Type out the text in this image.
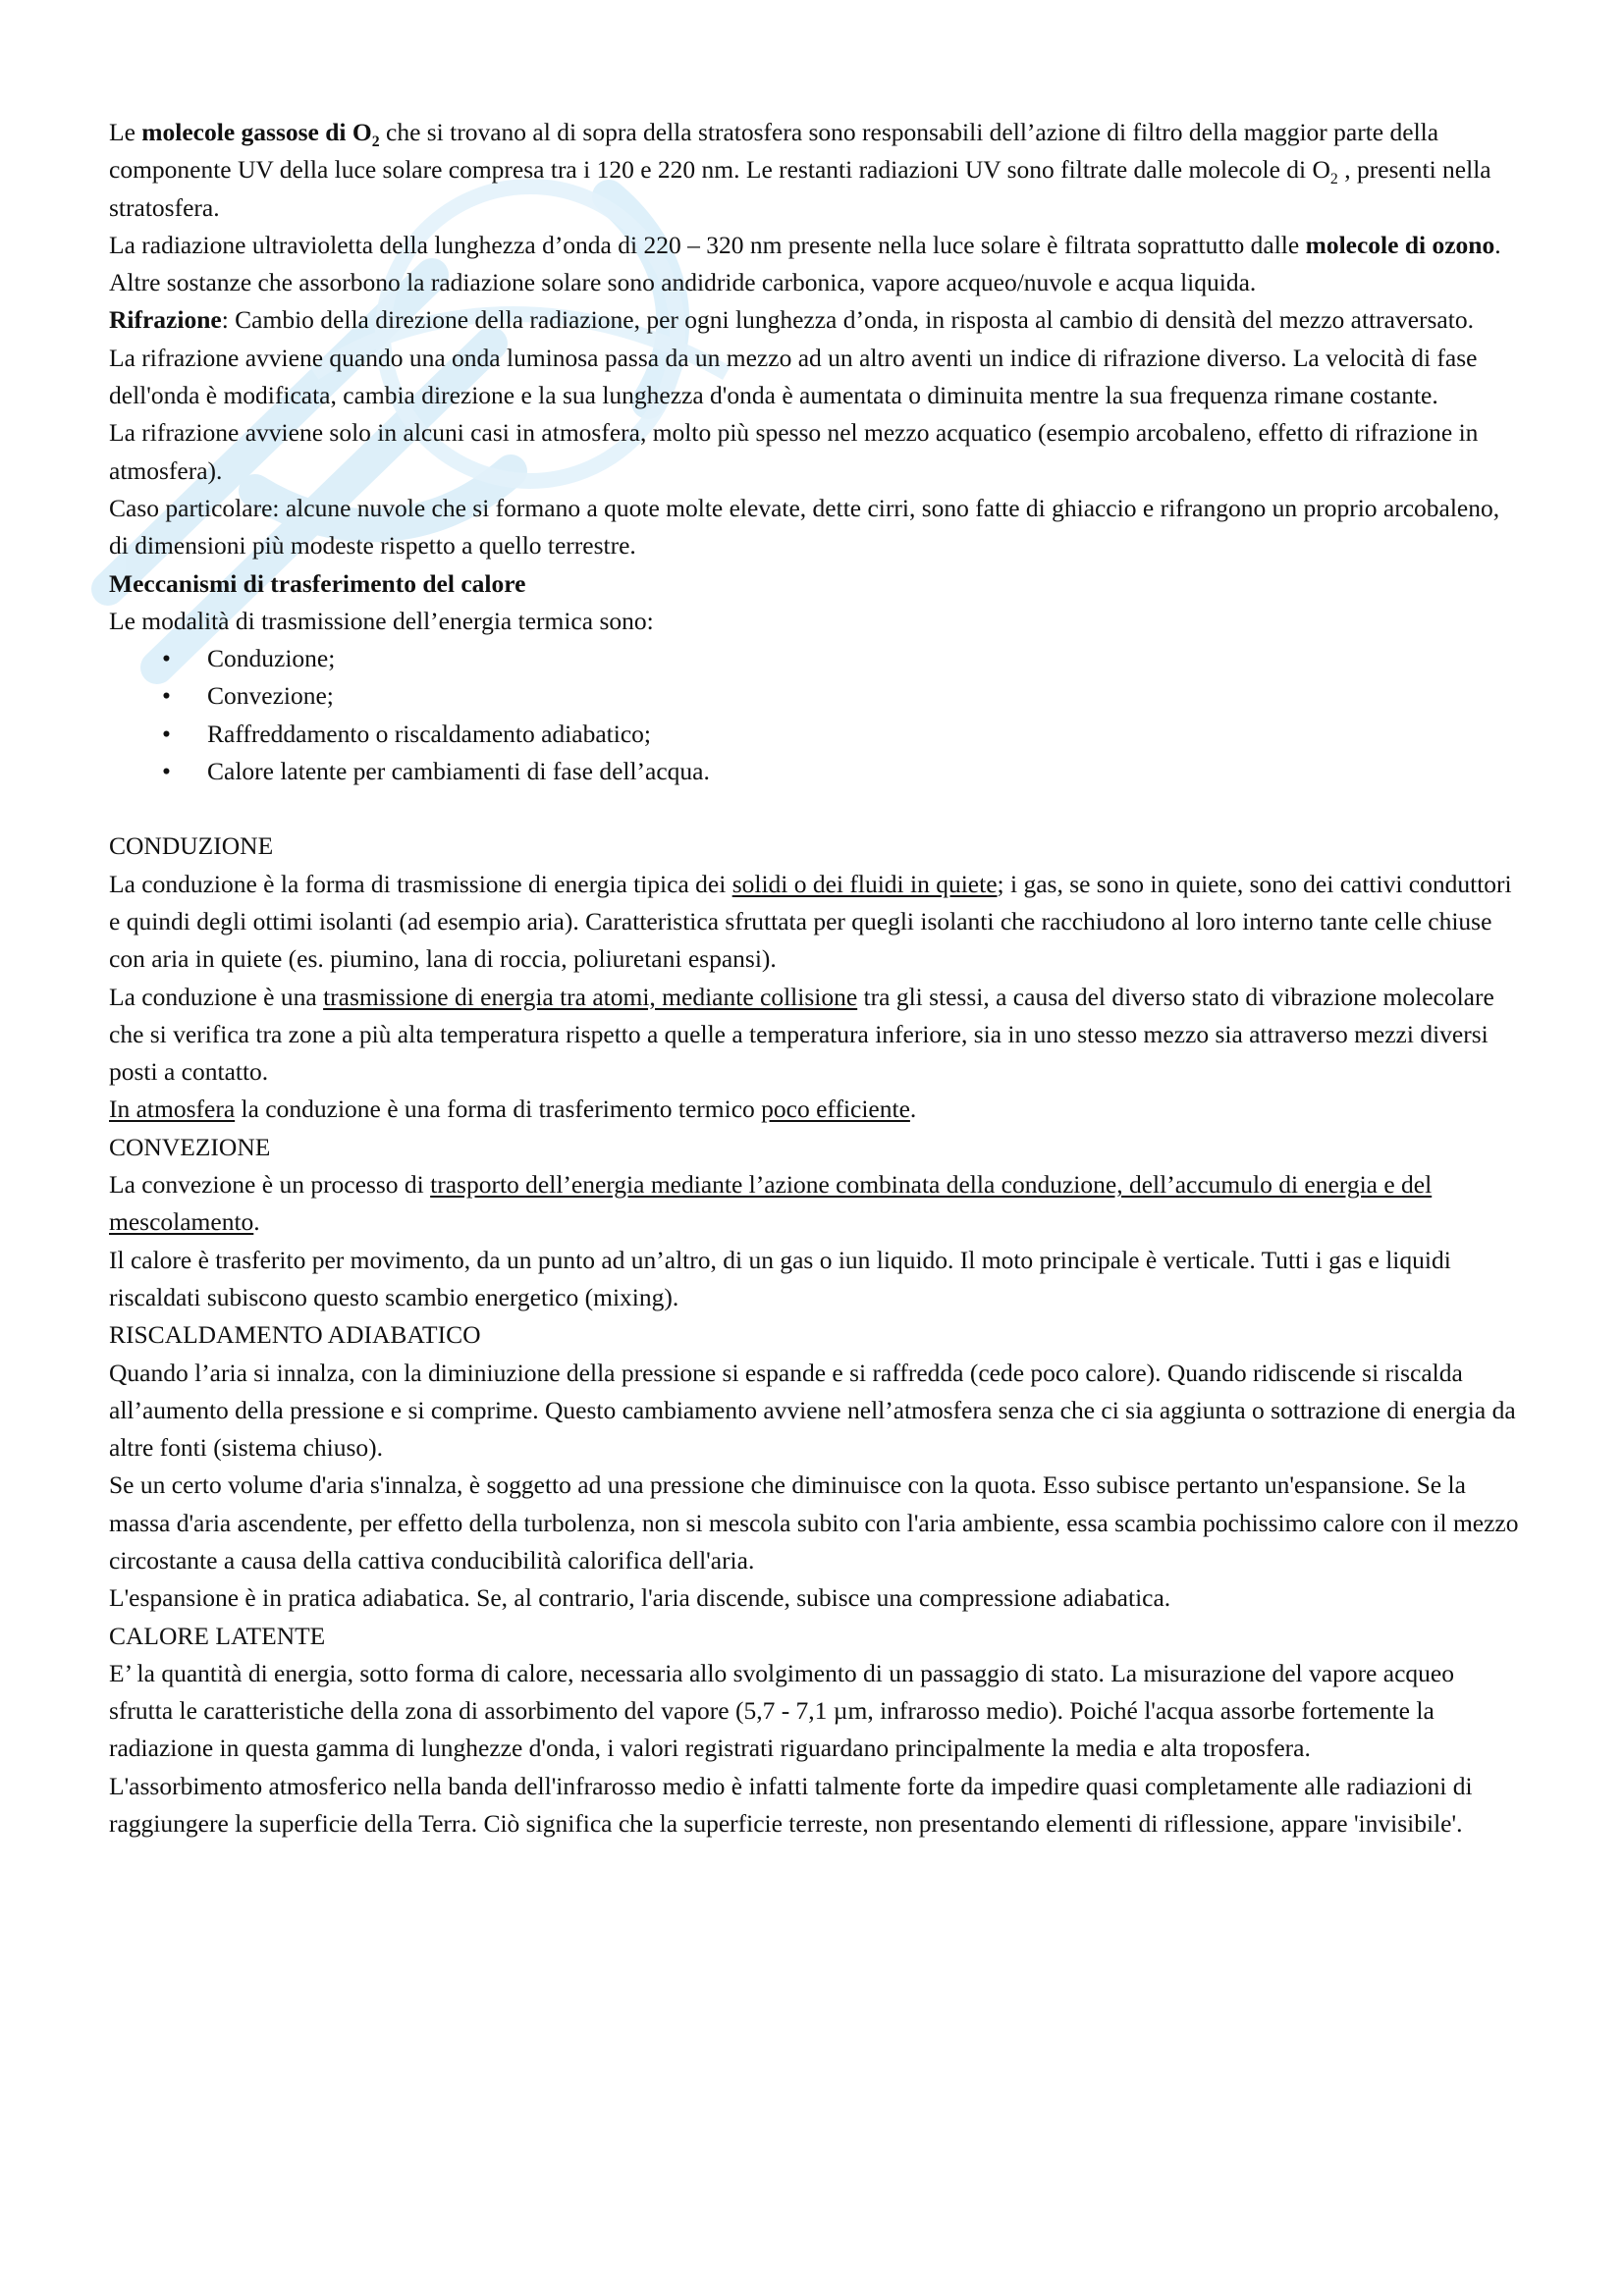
Le molecole gassose di $O_2$ che si trovano al di sopra della stratosfera sono responsabili dell’azione di filtro della maggior parte della componente UV della luce solare compresa tra i 120 e 220 nm. Le restanti radiazioni UV sono filtrate dalle molecole di $O_2$ , presenti nella stratosfera.

La radiazione ultravioletta della lunghezza d’onda di 220 – 320 nm presente nella luce solare è filtrata soprattutto dalle molecole di ozono.

Altre sostanze che assorbono la radiazione solare sono andidride carbonica, vapore acqueo/nuvole e acqua liquida.

Rifrazione: Cambio della direzione della radiazione, per ogni lunghezza d’onda, in risposta al cambio di densità del mezzo attraversato.

La rifrazione avviene quando una onda luminosa passa da un mezzo ad un altro aventi un indice di rifrazione diverso. La velocità di fase dell'onda è modificata, cambia direzione e la sua lunghezza d'onda è aumentata o diminuita mentre la sua frequenza rimane costante.

La rifrazione avviene solo in alcuni casi in atmosfera, molto più spesso nel mezzo acquatico (esempio arcobaleno, effetto di rifrazione in atmosfera).

Caso particolare: alcune nuvole che si formano a quote molte elevate, dette cirri, sono fatte di ghiaccio e rifrangono un proprio arcobaleno, di dimensioni più modeste rispetto a quello terrestre.

Meccanismi di trasferimento del calore

Le modalità di trasmissione dell’energia termica sono:

• Conduzione;
• Convezione;
• Raffreddamento o riscaldamento adiabatico;
• Calore latente per cambiamenti di fase dell’acqua.

CONDUZIONE

La conduzione è la forma di trasmissione di energia tipica dei solidi o dei fluidi in quiete; i gas, se sono in quiete, sono dei cattivi conduttori e quindi degli ottimi isolanti (ad esempio aria). Caratteristica sfruttata per quegli isolanti che racchiudono al loro interno tante celle chiuse con aria in quiete (es. piumino, lana di roccia, poliuretani espansi).

La conduzione è una trasmissione di energia tra atomi, mediante collisione tra gli stessi, a causa del diverso stato di vibrazione molecolare che si verifica tra zone a più alta temperatura rispetto a quelle a temperatura inferiore, sia in uno stesso mezzo sia attraverso mezzi diversi posti a contatto.

In atmosfera la conduzione è una forma di trasferimento termico poco efficiente.

CONVEZIONE

La convezione è un processo di trasporto dell’energia mediante l’azione combinata della conduzione, dell’accumulo di energia e del mescolamento.

Il calore è trasferito per movimento, da un punto ad un’altro, di un gas o iun liquido. Il moto principale è verticale. Tutti i gas e liquidi riscaldati subiscono questo scambio energetico (mixing).

RISCALDAMENTO ADIABATICO

Quando l’aria si innalza, con la diminiuzione della pressione si espande e si raffredda (cede poco calore). Quando ridiscende si riscalda all’aumento della pressione e si comprime. Questo cambiamento avviene nell’atmosfera senza che ci sia aggiunta o sottrazione di energia da altre fonti (sistema chiuso).

Se un certo volume d'aria s'innalza, è soggetto ad una pressione che diminuisce con la quota. Esso subisce pertanto un'espansione. Se la massa d'aria ascendente, per effetto della turbolenza, non si mescola subito con l'aria ambiente, essa scambia pochissimo calore con il mezzo circostante a causa della cattiva conducibilità calorifica dell'aria.

L'espansione è in pratica adiabatica. Se, al contrario, l'aria discende, subisce una compressione adiabatica.

CALORE LATENTE

E’ la quantità di energia, sotto forma di calore, necessaria allo svolgimento di un passaggio di stato. La misurazione del vapore acqueo sfrutta le caratteristiche della zona di assorbimento del vapore (5,7 - 7,1 µm, infrarosso medio). Poiché l'acqua assorbe fortemente la radiazione in questa gamma di lunghezze d'onda, i valori registrati riguardano principalmente la media e alta troposfera.

L'assorbimento atmosferico nella banda dell'infrarosso medio è infatti talmente forte da impedire quasi completamente alle radiazioni di raggiungere la superficie della Terra. Ciò significa che la superficie terreste, non presentando elementi di riflessione, appare 'invisibile'.
